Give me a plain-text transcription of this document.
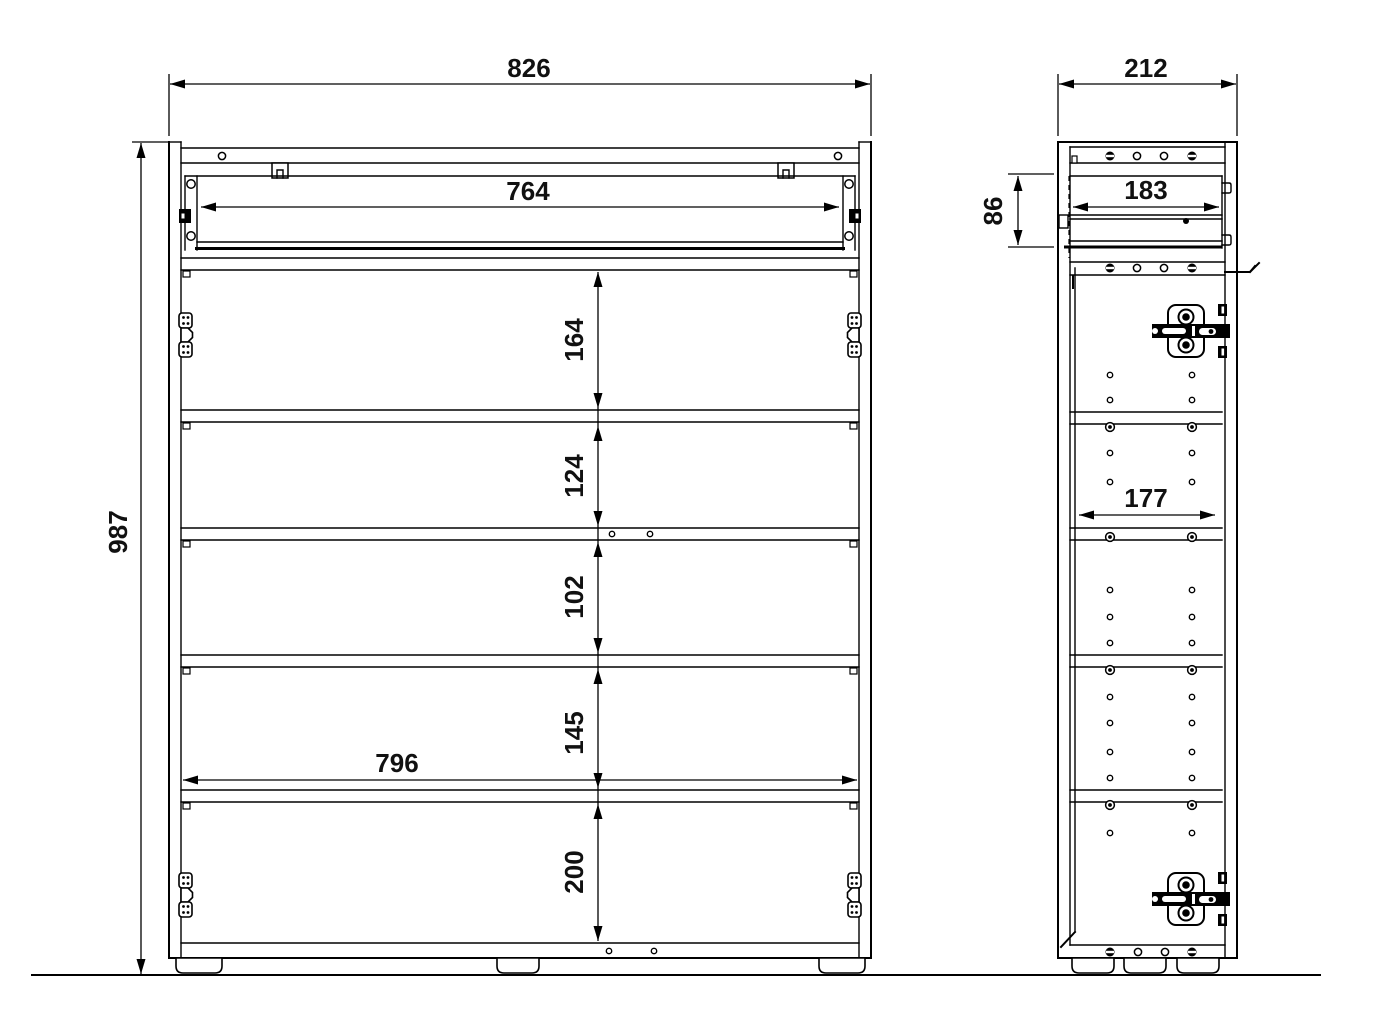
826
987
764
796
164
124
102
145
200
212
86
183
177
